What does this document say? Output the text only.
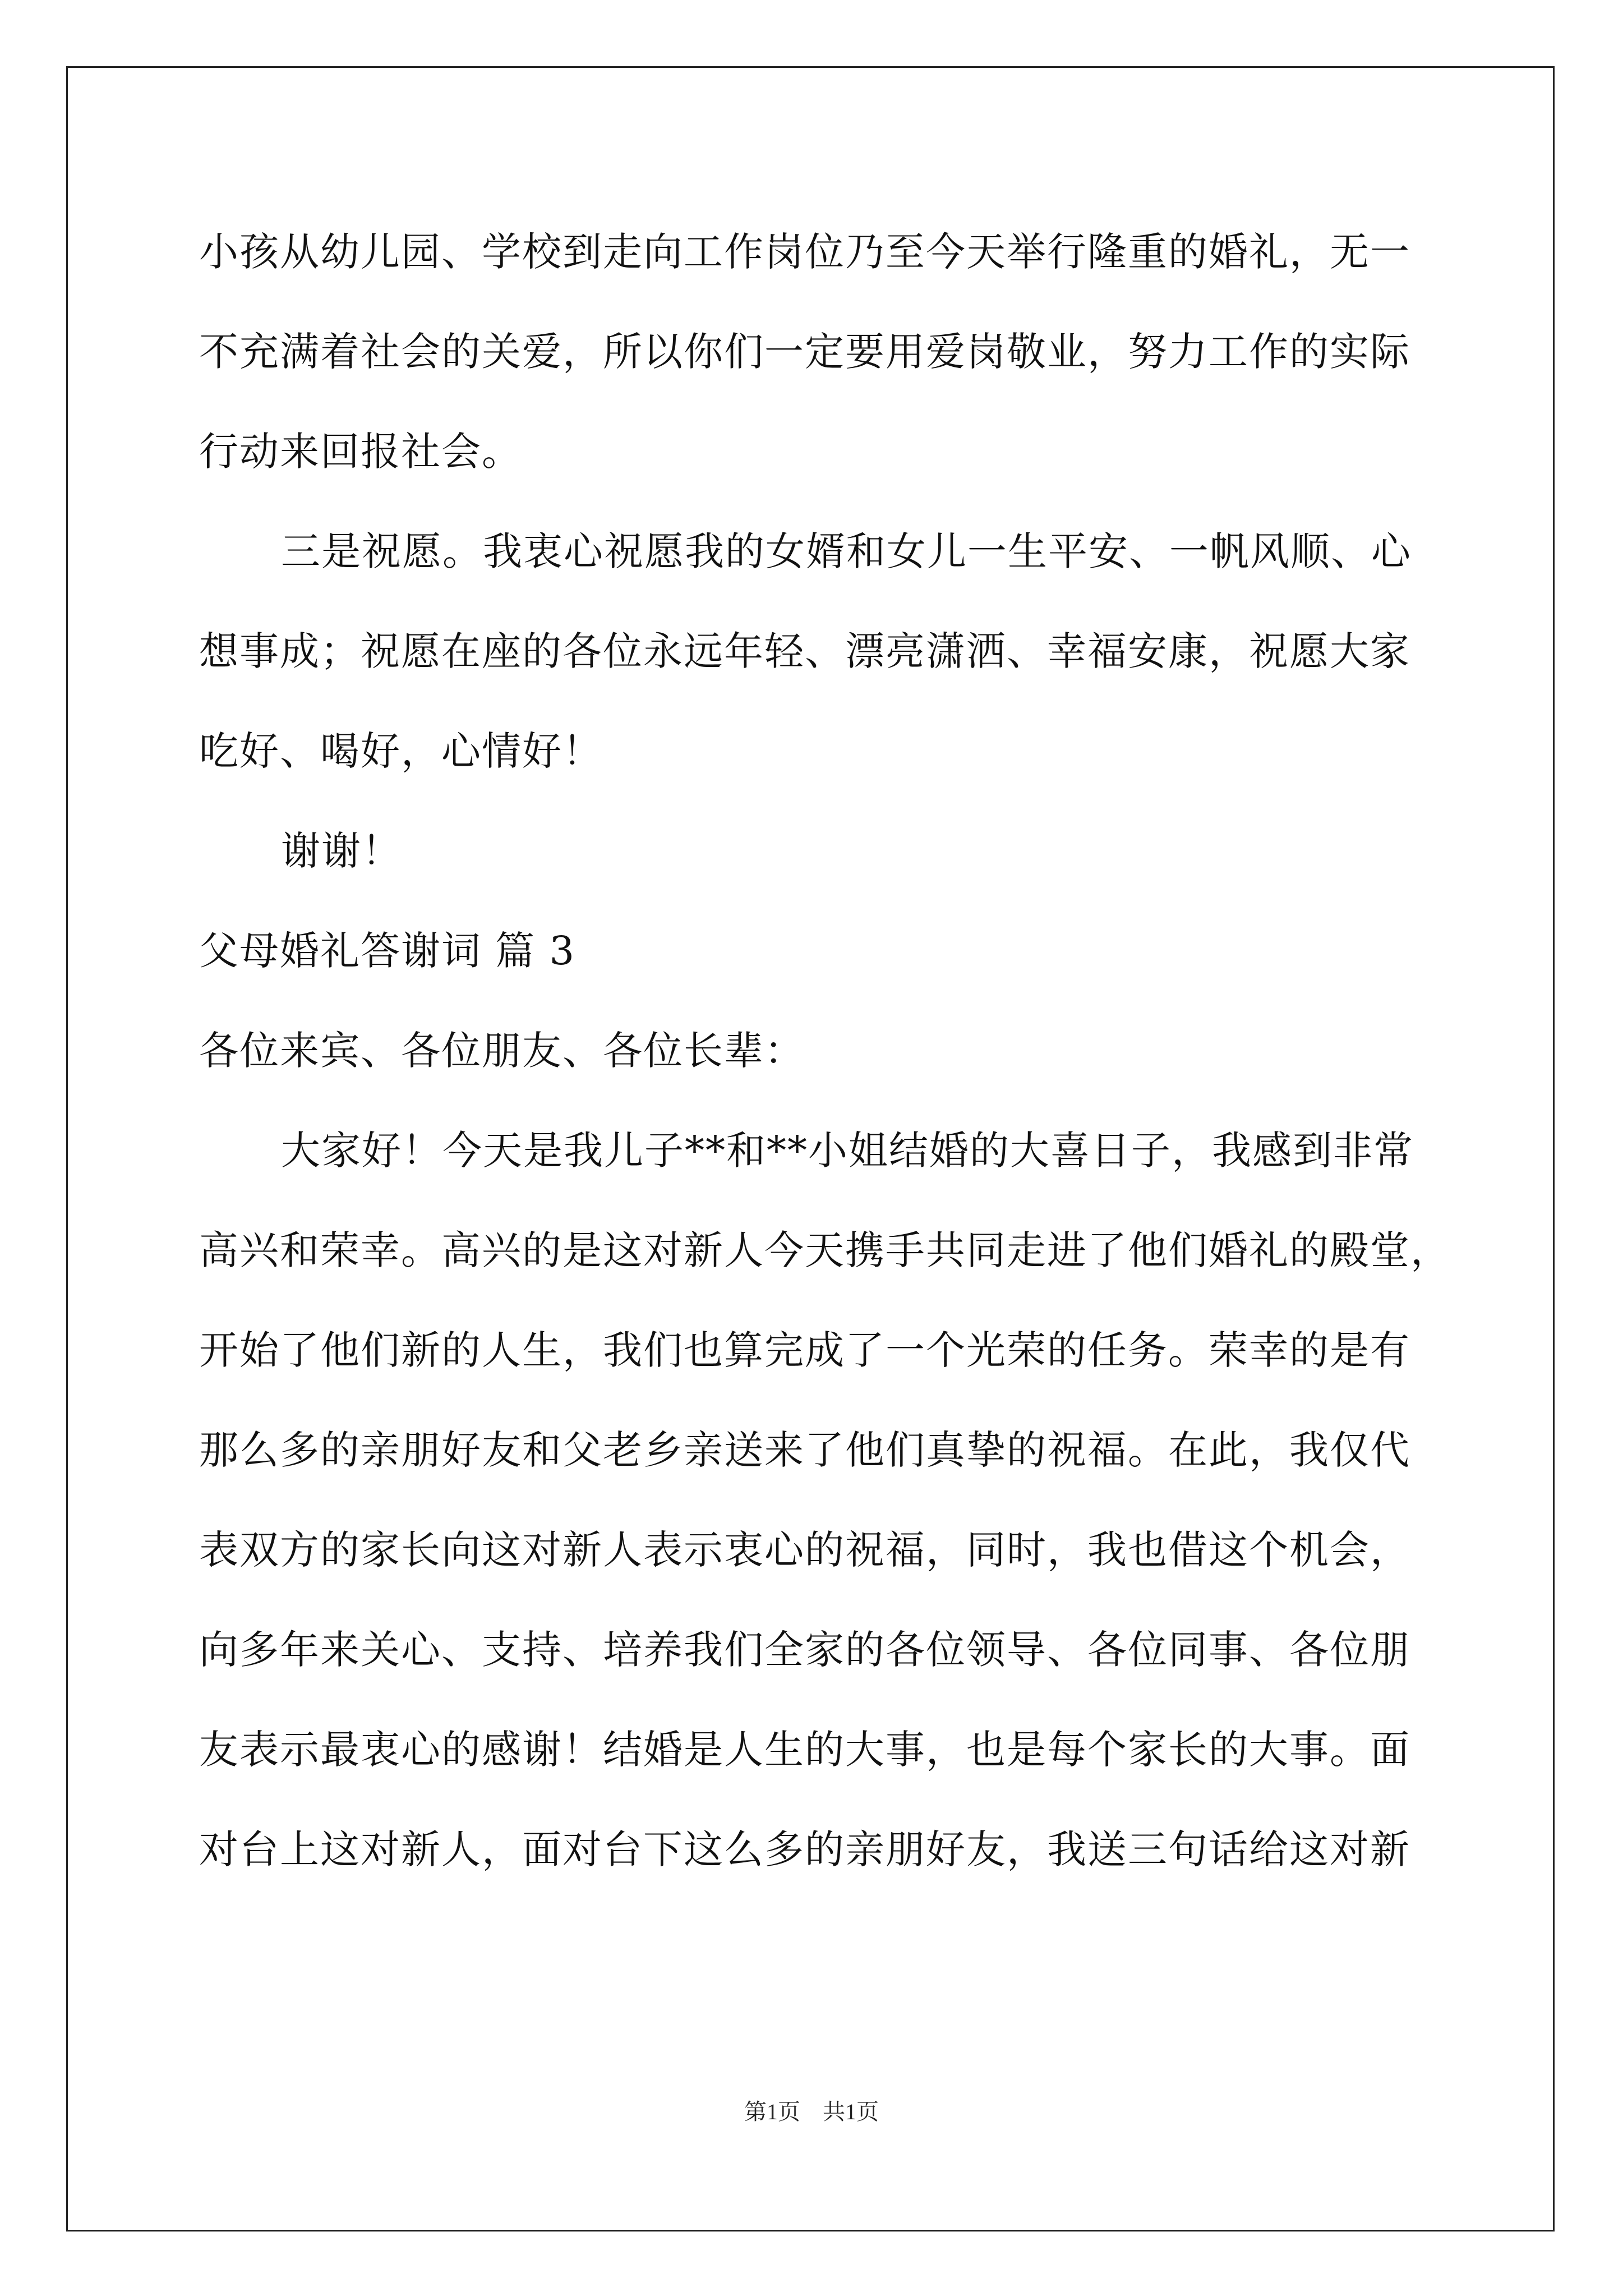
小孩从幼儿园、学校到走向工作岗位乃至今天举行隆重的婚礼，无一
不充满着社会的关爱，所以你们一定要用爱岗敬业，努力工作的实际
行动来回报社会。
三是祝愿。我衷心祝愿我的女婿和女儿一生平安、一帆风顺、心
想事成；祝愿在座的各位永远年轻、漂亮潇洒、幸福安康，祝愿大家
吃好、喝好，心情好！
谢谢！
父母婚礼答谢词 篇 3
各位来宾、各位朋友、各位长辈：
大家好！今天是我儿子**和**小姐结婚的大喜日子，我感到非常
高兴和荣幸。高兴的是这对新人今天携手共同走进了他们婚礼的殿堂，
开始了他们新的人生，我们也算完成了一个光荣的任务。荣幸的是有
那么多的亲朋好友和父老乡亲送来了他们真挚的祝福。在此，我仅代
表双方的家长向这对新人表示衷心的祝福，同时，我也借这个机会，
向多年来关心、支持、培养我们全家的各位领导、各位同事、各位朋
友表示最衷心的感谢！结婚是人生的大事，也是每个家长的大事。面
对台上这对新人，面对台下这么多的亲朋好友，我送三句话给这对新
第1页　共1页
